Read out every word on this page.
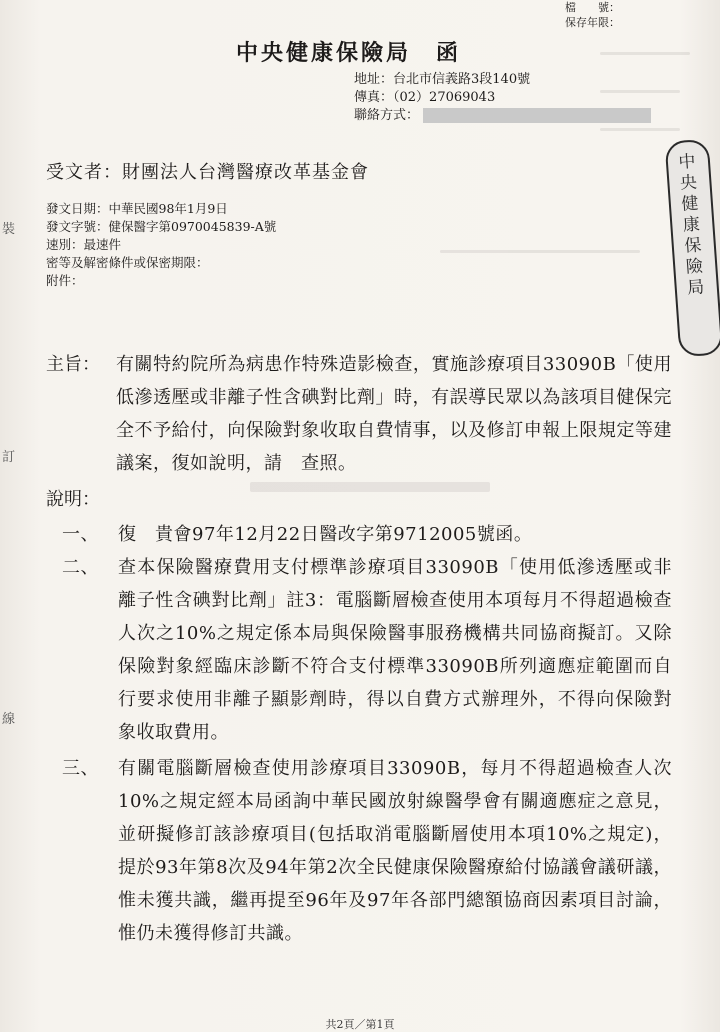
檔　　號：
保存年限：
中央健康保險局　函
地址：台北市信義路3段140號
傳真：（02）27069043
聯絡方式：
受文者：財團法人台灣醫療改革基金會
發文日期：中華民國98年1月9日
發文字號：健保醫字第0970045839-A號
速別：最速件
密等及解密條件或保密期限：
附件：
裝
訂
線
中央健康保險局
主旨： 有關特約院所為病患作特殊造影檢查，實施診療項目33090B「使用低滲透壓或非離子性含碘對比劑」時，有誤導民眾以為該項目健保完全不予給付，向保險對象收取自費情事，以及修訂申報上限規定等建議案，復如說明，請　查照。
說明：
一、 復　貴會97年12月22日醫改字第9712005號函。
二、 查本保險醫療費用支付標準診療項目33090B「使用低滲透壓或非離子性含碘對比劑」註3：電腦斷層檢查使用本項每月不得超過檢查人次之10%之規定係本局與保險醫事服務機構共同協商擬訂。又除保險對象經臨床診斷不符合支付標準33090B所列適應症範圍而自行要求使用非離子顯影劑時，得以自費方式辦理外，不得向保險對象收取費用。
三、 有關電腦斷層檢查使用診療項目33090B，每月不得超過檢查人次10%之規定經本局函詢中華民國放射線醫學會有關適應症之意見，並研擬修訂該診療項目(包括取消電腦斷層使用本項10%之規定)，提於93年第8次及94年第2次全民健康保險醫療給付協議會議研議，惟未獲共識，繼再提至96年及97年各部門總額協商因素項目討論，惟仍未獲得修訂共識。
共2頁／第1頁
